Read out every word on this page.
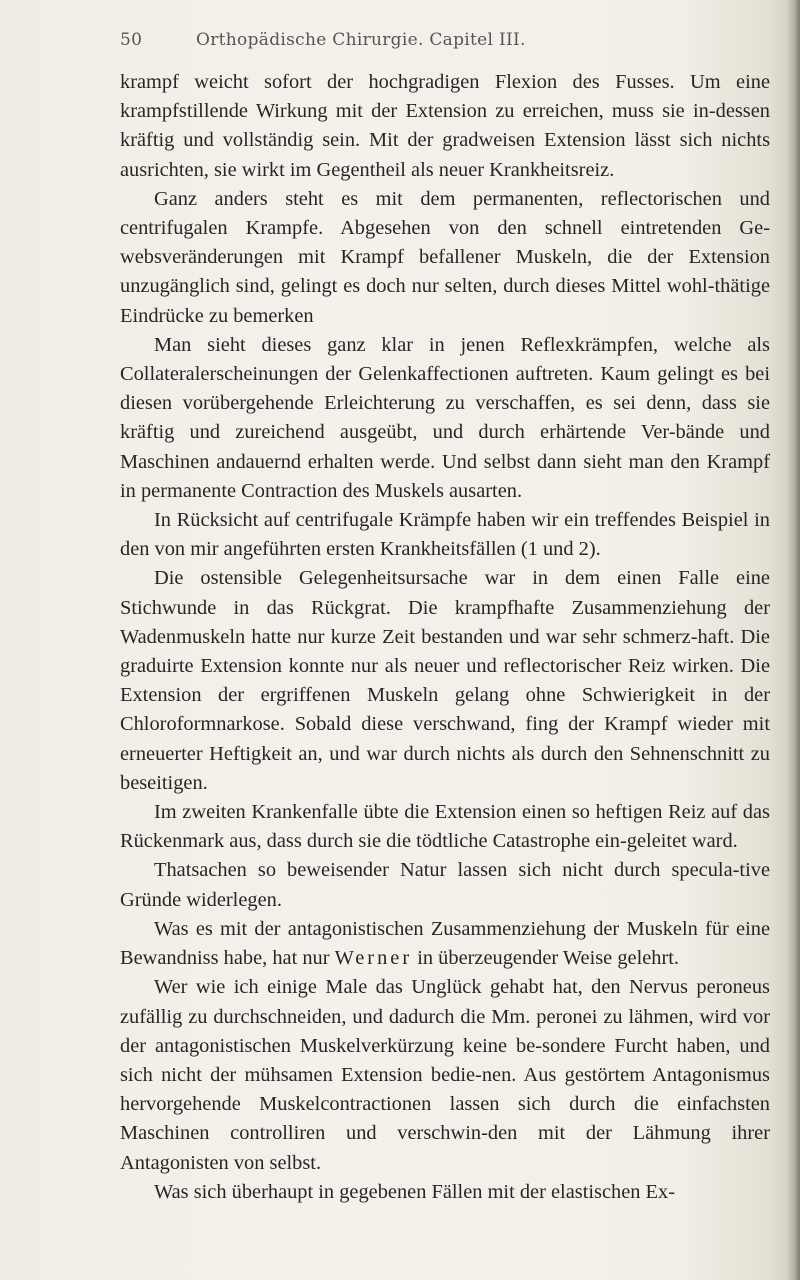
50	Orthopädische Chirurgie. Capitel III.

krampf weicht sofort der hochgradigen Flexion des Fusses. Um eine krampfstillende Wirkung mit der Extension zu erreichen, muss sie in-dessen kräftig und vollständig sein. Mit der gradweisen Extension lässt sich nichts ausrichten, sie wirkt im Gegentheil als neuer Krankheitsreiz.

Ganz anders steht es mit dem permanenten, reflectorischen und centrifugalen Krampfe. Abgesehen von den schnell eintretenden Ge-websveränderungen mit Krampf befallener Muskeln, die der Extension unzugänglich sind, gelingt es doch nur selten, durch dieses Mittel wohl-thätige Eindrücke zu bemerken

Man sieht dieses ganz klar in jenen Reflexkrämpfen, welche als Collateralerscheinungen der Gelenkaffectionen auftreten. Kaum gelingt es bei diesen vorübergehende Erleichterung zu verschaffen, es sei denn, dass sie kräftig und zureichend ausgeübt, und durch erhärtende Ver-bände und Maschinen andauernd erhalten werde. Und selbst dann sieht man den Krampf in permanente Contraction des Muskels ausarten.

In Rücksicht auf centrifugale Krämpfe haben wir ein treffendes Beispiel in den von mir angeführten ersten Krankheitsfällen (1 und 2).

Die ostensible Gelegenheitsursache war in dem einen Falle eine Stichwunde in das Rückgrat. Die krampfhafte Zusammenziehung der Wadenmuskeln hatte nur kurze Zeit bestanden und war sehr schmerz-haft. Die graduirte Extension konnte nur als neuer und reflectorischer Reiz wirken. Die Extension der ergriffenen Muskeln gelang ohne Schwierigkeit in der Chloroformnarkose. Sobald diese verschwand, fing der Krampf wieder mit erneuerter Heftigkeit an, und war durch nichts als durch den Sehnenschnitt zu beseitigen.

Im zweiten Krankenfalle übte die Extension einen so heftigen Reiz auf das Rückenmark aus, dass durch sie die tödtliche Catastrophe ein-geleitet ward.

Thatsachen so beweisender Natur lassen sich nicht durch specula-tive Gründe widerlegen.

Was es mit der antagonistischen Zusammenziehung der Muskeln für eine Bewandniss habe, hat nur Werner in überzeugender Weise gelehrt.

Wer wie ich einige Male das Unglück gehabt hat, den Nervus peroneus zufällig zu durchschneiden, und dadurch die Mm. peronei zu lähmen, wird vor der antagonistischen Muskelverkürzung keine be-sondere Furcht haben, und sich nicht der mühsamen Extension bedie-nen. Aus gestörtem Antagonismus hervorgehende Muskelcontractionen lassen sich durch die einfachsten Maschinen controlliren und verschwin-den mit der Lähmung ihrer Antagonisten von selbst.

Was sich überhaupt in gegebenen Fällen mit der elastischen Ex-
